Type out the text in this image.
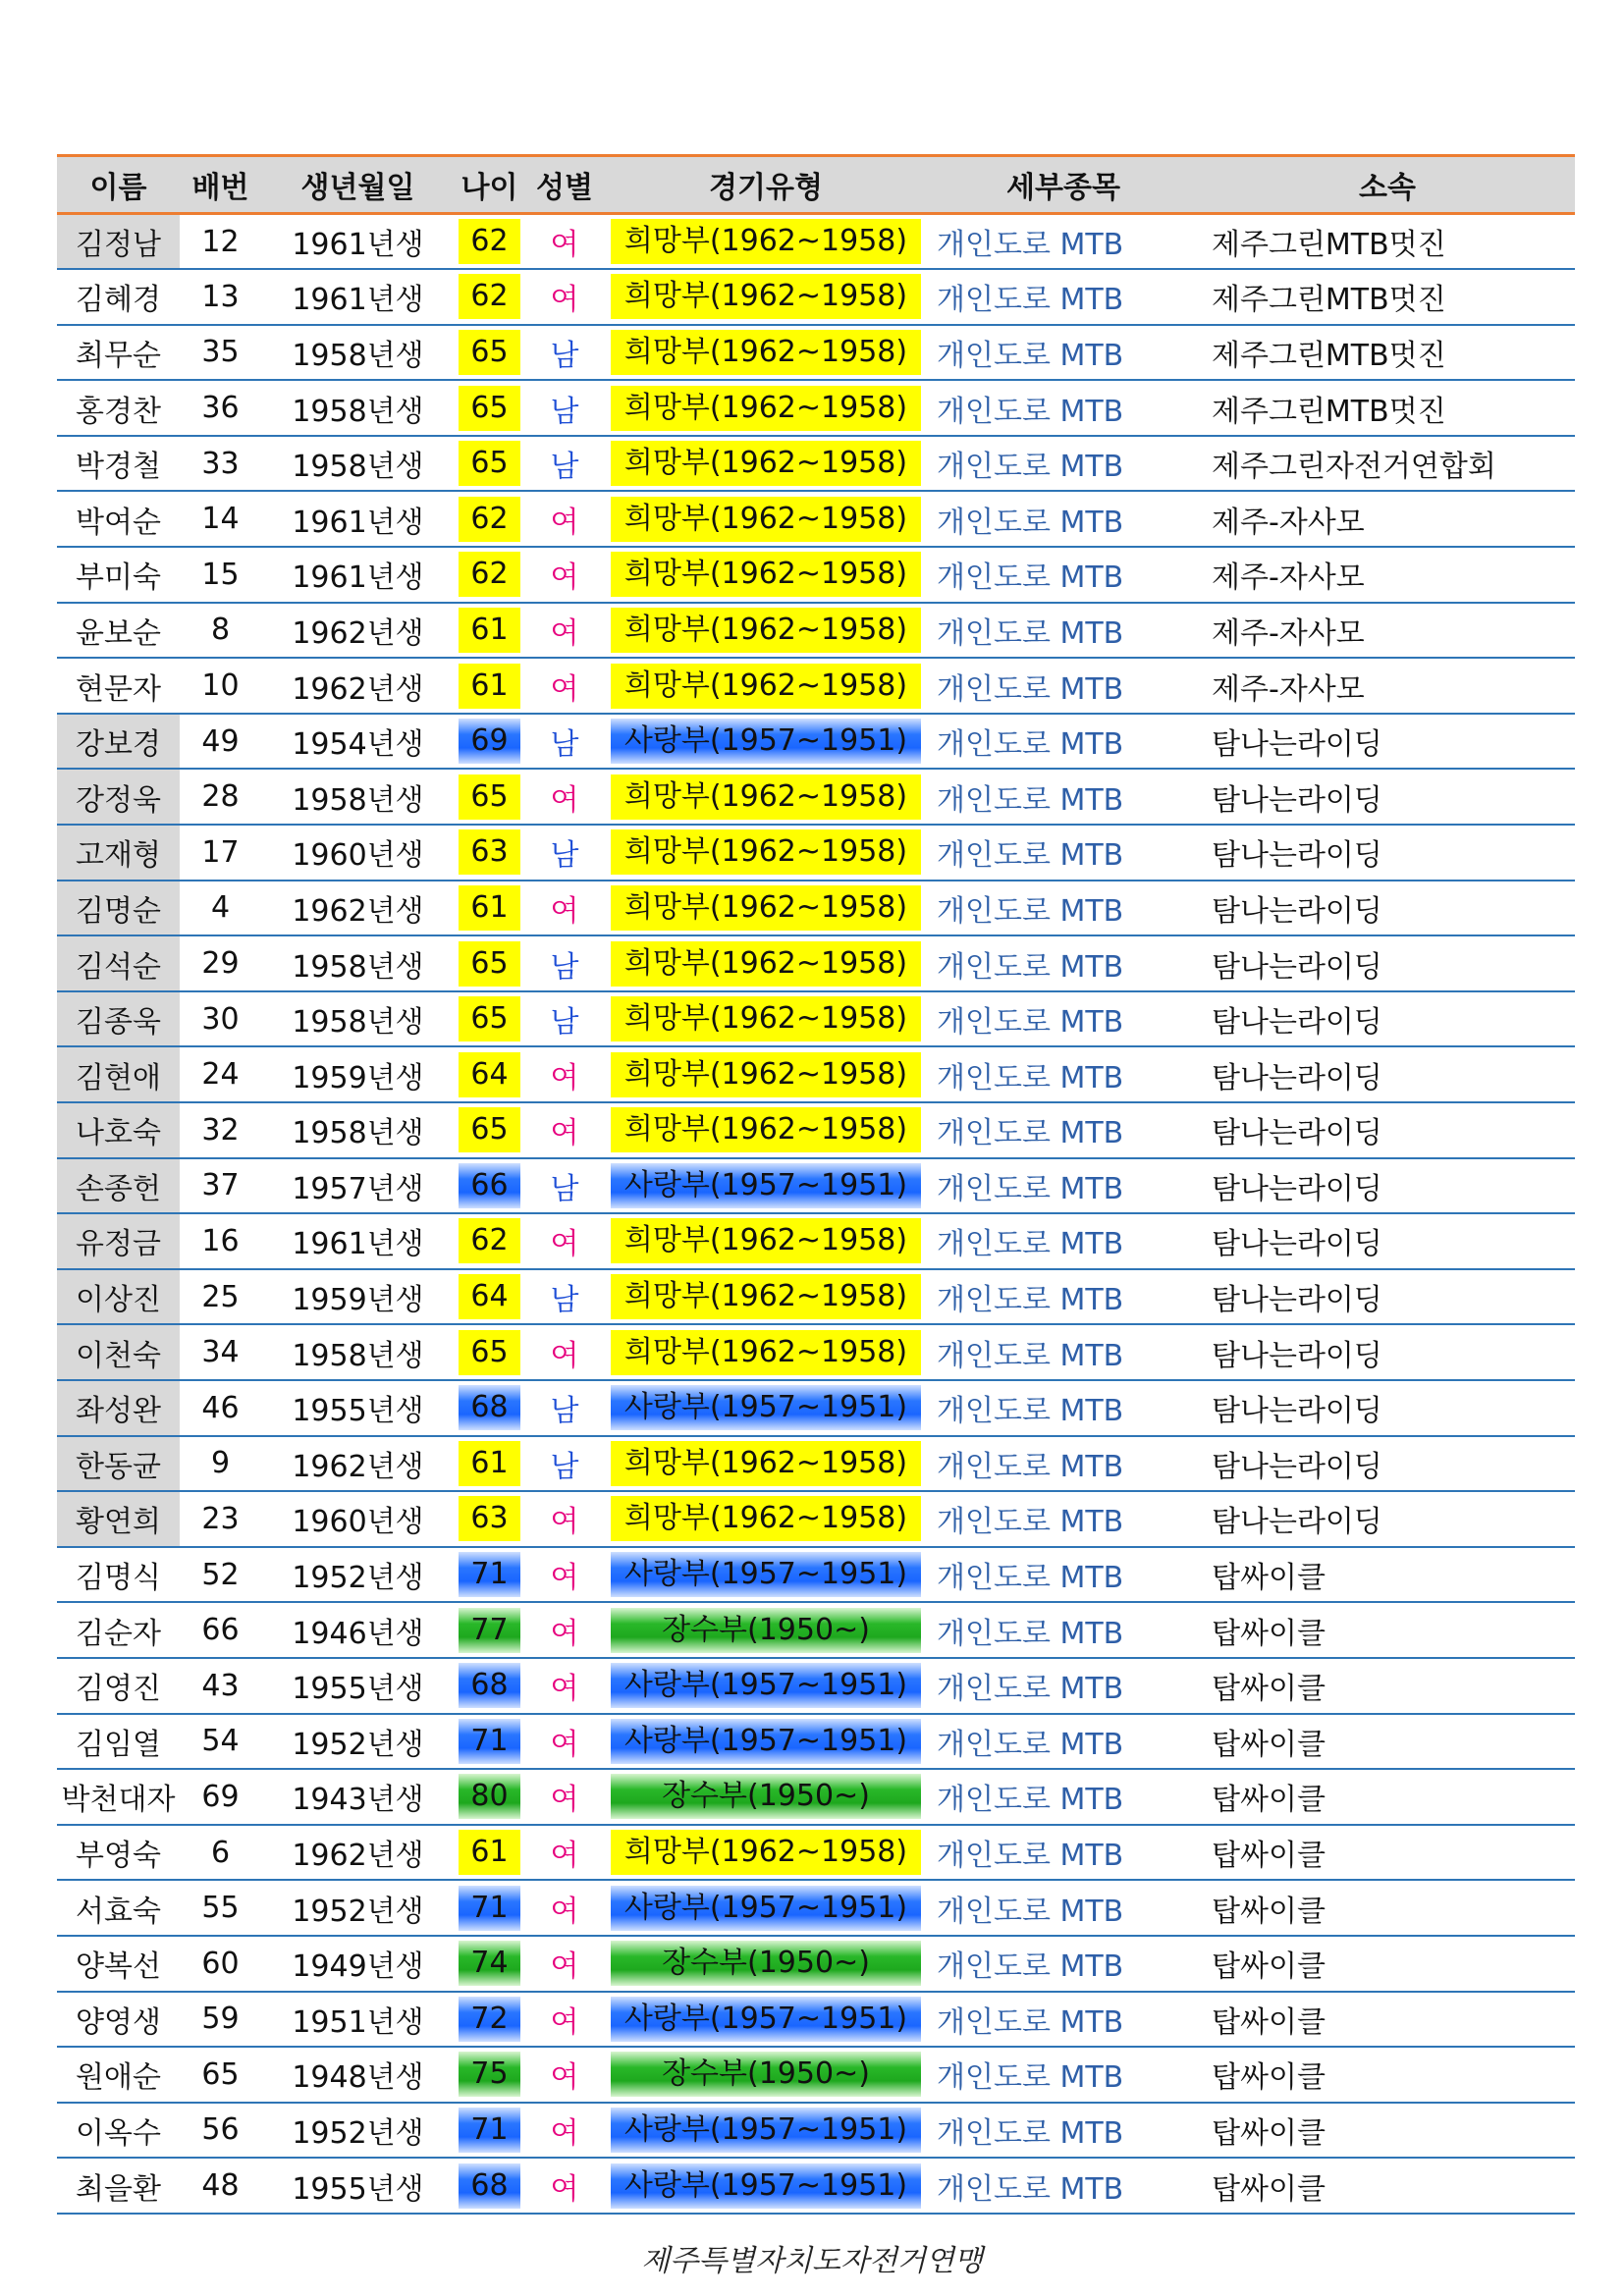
이름	배번	생년월일	나이	성별	경기유형	세부종목	소속
김정남	12	1961년생	62	여	희망부(1962~1958)	개인도로 MTB	제주그린MTB멋진
김혜경	13	1961년생	62	여	희망부(1962~1958)	개인도로 MTB	제주그린MTB멋진
최무순	35	1958년생	65	남	희망부(1962~1958)	개인도로 MTB	제주그린MTB멋진
홍경찬	36	1958년생	65	남	희망부(1962~1958)	개인도로 MTB	제주그린MTB멋진
박경철	33	1958년생	65	남	희망부(1962~1958)	개인도로 MTB	제주그린자전거연합회
박여순	14	1961년생	62	여	희망부(1962~1958)	개인도로 MTB	제주-자사모
부미숙	15	1961년생	62	여	희망부(1962~1958)	개인도로 MTB	제주-자사모
윤보순	8	1962년생	61	여	희망부(1962~1958)	개인도로 MTB	제주-자사모
현문자	10	1962년생	61	여	희망부(1962~1958)	개인도로 MTB	제주-자사모
강보경	49	1954년생	69	남	사랑부(1957~1951)	개인도로 MTB	탐나는라이딩
강정욱	28	1958년생	65	여	희망부(1962~1958)	개인도로 MTB	탐나는라이딩
고재형	17	1960년생	63	남	희망부(1962~1958)	개인도로 MTB	탐나는라이딩
김명순	4	1962년생	61	여	희망부(1962~1958)	개인도로 MTB	탐나는라이딩
김석순	29	1958년생	65	남	희망부(1962~1958)	개인도로 MTB	탐나는라이딩
김종욱	30	1958년생	65	남	희망부(1962~1958)	개인도로 MTB	탐나는라이딩
김현애	24	1959년생	64	여	희망부(1962~1958)	개인도로 MTB	탐나는라이딩
나호숙	32	1958년생	65	여	희망부(1962~1958)	개인도로 MTB	탐나는라이딩
손종헌	37	1957년생	66	남	사랑부(1957~1951)	개인도로 MTB	탐나는라이딩
유정금	16	1961년생	62	여	희망부(1962~1958)	개인도로 MTB	탐나는라이딩
이상진	25	1959년생	64	남	희망부(1962~1958)	개인도로 MTB	탐나는라이딩
이천숙	34	1958년생	65	여	희망부(1962~1958)	개인도로 MTB	탐나는라이딩
좌성완	46	1955년생	68	남	사랑부(1957~1951)	개인도로 MTB	탐나는라이딩
한동균	9	1962년생	61	남	희망부(1962~1958)	개인도로 MTB	탐나는라이딩
황연희	23	1960년생	63	여	희망부(1962~1958)	개인도로 MTB	탐나는라이딩
김명식	52	1952년생	71	여	사랑부(1957~1951)	개인도로 MTB	탑싸이클
김순자	66	1946년생	77	여	장수부(1950~)	개인도로 MTB	탑싸이클
김영진	43	1955년생	68	여	사랑부(1957~1951)	개인도로 MTB	탑싸이클
김임열	54	1952년생	71	여	사랑부(1957~1951)	개인도로 MTB	탑싸이클
박천대자	69	1943년생	80	여	장수부(1950~)	개인도로 MTB	탑싸이클
부영숙	6	1962년생	61	여	희망부(1962~1958)	개인도로 MTB	탑싸이클
서효숙	55	1952년생	71	여	사랑부(1957~1951)	개인도로 MTB	탑싸이클
양복선	60	1949년생	74	여	장수부(1950~)	개인도로 MTB	탑싸이클
양영생	59	1951년생	72	여	사랑부(1957~1951)	개인도로 MTB	탑싸이클
원애순	65	1948년생	75	여	장수부(1950~)	개인도로 MTB	탑싸이클
이옥수	56	1952년생	71	여	사랑부(1957~1951)	개인도로 MTB	탑싸이클
최을환	48	1955년생	68	여	사랑부(1957~1951)	개인도로 MTB	탑싸이클
제주특별자치도자전거연맹
